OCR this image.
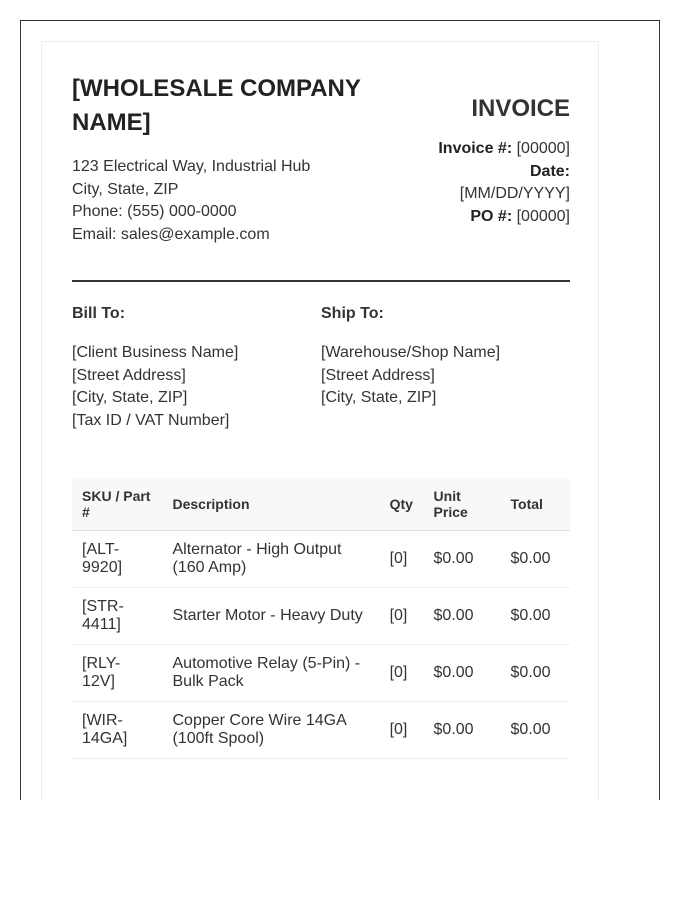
[WHOLESALE COMPANY NAME]
123 Electrical Way, Industrial Hub
City, State, ZIP
Phone: (555) 000-0000
Email: sales@example.com
INVOICE
Invoice #: [00000]
Date:
[MM/DD/YYYY]
PO #: [00000]
Bill To:
[Client Business Name]
[Street Address]
[City, State, ZIP]
[Tax ID / VAT Number]
Ship To:
[Warehouse/Shop Name]
[Street Address]
[City, State, ZIP]
SKU / Part #	Description	Qty	Unit Price	Total
[ALT-9920]	Alternator - High Output (160 Amp)	[0]	$0.00	$0.00
[STR-4411]	Starter Motor - Heavy Duty	[0]	$0.00	$0.00
[RLY-12V]	Automotive Relay (5-Pin) - Bulk Pack	[0]	$0.00	$0.00
[WIR-14GA]	Copper Core Wire 14GA (100ft Spool)	[0]	$0.00	$0.00
